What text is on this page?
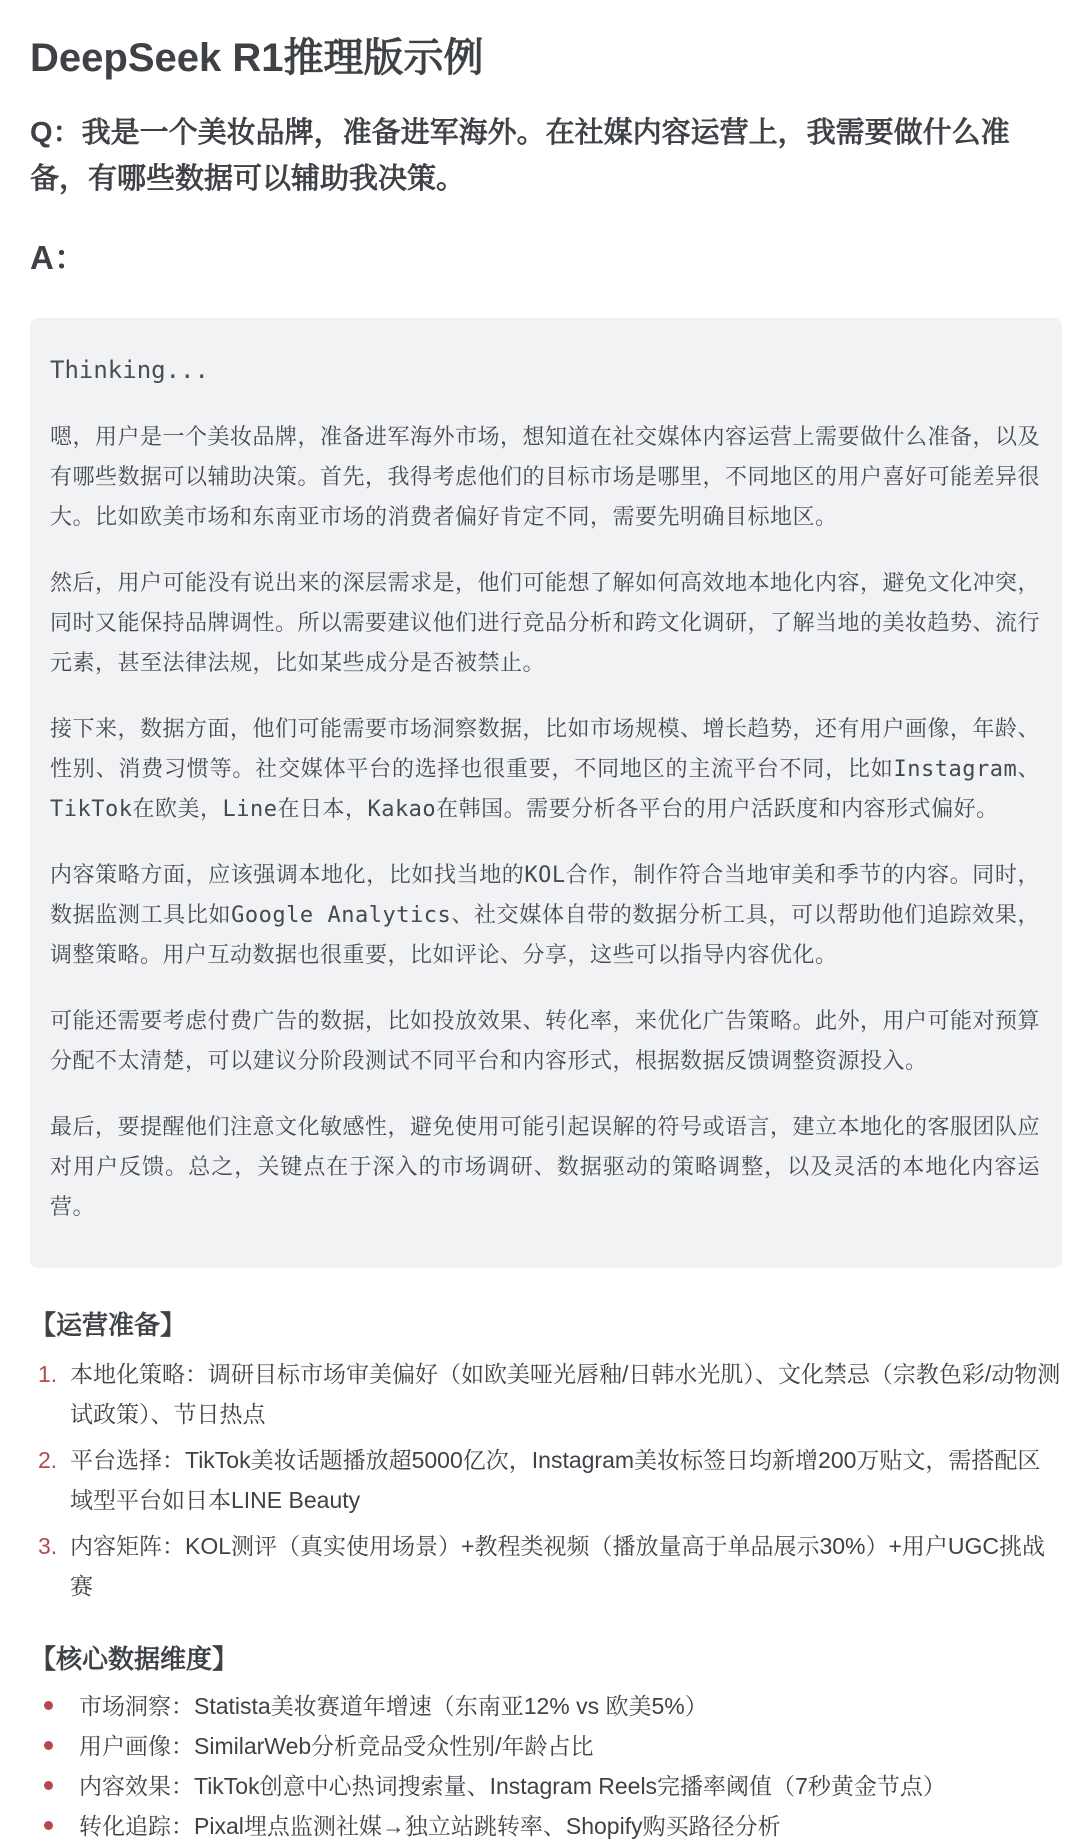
DeepSeek R1推理版示例

Q：我是一个美妆品牌，准备进军海外。在社媒内容运营上，我需要做什么准备，有哪些数据可以辅助我决策。

A：
Thinking...

嗯，用户是一个美妆品牌，准备进军海外市场，想知道在社交媒体内容运营上需要做什么准备，以及有哪些数据可以辅助决策。首先，我得考虑他们的目标市场是哪里，不同地区的用户喜好可能差异很大。比如欧美市场和东南亚市场的消费者偏好肯定不同，需要先明确目标地区。

然后，用户可能没有说出来的深层需求是，他们可能想了解如何高效地本地化内容，避免文化冲突，同时又能保持品牌调性。所以需要建议他们进行竞品分析和跨文化调研，了解当地的美妆趋势、流行元素，甚至法律法规，比如某些成分是否被禁止。

接下来，数据方面，他们可能需要市场洞察数据，比如市场规模、增长趋势，还有用户画像，年龄、性别、消费习惯等。社交媒体平台的选择也很重要，不同地区的主流平台不同，比如Instagram、TikTok在欧美，Line在日本，Kakao在韩国。需要分析各平台的用户活跃度和内容形式偏好。

内容策略方面，应该强调本地化，比如找当地的KOL合作，制作符合当地审美和季节的内容。同时，数据监测工具比如Google Analytics、社交媒体自带的数据分析工具，可以帮助他们追踪效果，调整策略。用户互动数据也很重要，比如评论、分享，这些可以指导内容优化。

可能还需要考虑付费广告的数据，比如投放效果、转化率，来优化广告策略。此外，用户可能对预算分配不太清楚，可以建议分阶段测试不同平台和内容形式，根据数据反馈调整资源投入。

最后，要提醒他们注意文化敏感性，避免使用可能引起误解的符号或语言，建立本地化的客服团队应对用户反馈。总之，关键点在于深入的市场调研、数据驱动的策略调整，以及灵活的本地化内容运营。

【运营准备】
1. 本地化策略：调研目标市场审美偏好（如欧美哑光唇釉/日韩水光肌）、文化禁忌（宗教色彩/动物测试政策）、节日热点
2. 平台选择：TikTok美妆话题播放超5000亿次，Instagram美妆标签日均新增200万贴文，需搭配区域型平台如日本LINE Beauty
3. 内容矩阵：KOL测评（真实使用场景）+教程类视频（播放量高于单品展示30%）+用户UGC挑战赛
【核心数据维度】
市场洞察：Statista美妆赛道年增速（东南亚12% vs 欧美5%）
用户画像：SimilarWeb分析竞品受众性别/年龄占比
内容效果：TikTok创意中心热词搜索量、Instagram Reels完播率阈值（7秒黄金节点）
转化追踪：Pixal埋点监测社媒→独立站跳转率、Shopify购买路径分析
